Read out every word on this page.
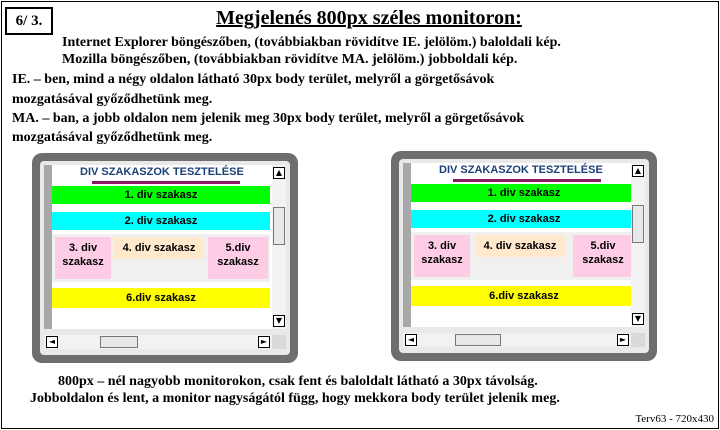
6/ 3.	Megjelenés 800px széles monitoron:
Internet Explorer böngészőben, (továbbiakban rövidítve IE. jelölöm.) baloldali kép.
Mozilla böngészőben, (továbbiakban rövidítve MA. jelölöm.) jobboldali kép.
IE. – ben, mind a négy oldalon látható 30px body terület, melyről a görgetősávok
mozgatásával győződhetünk meg.
MA. – ban, a jobb oldalon nem jelenik meg 30px body terület, melyről a görgetősávok
mozgatásával győződhetünk meg.
DIV SZAKASZOK TESZTELÉSE
1. div szakasz
2. div szakasz
3. div szakasz
4. div szakasz	5.div szakasz
6.div szakasz
▲
▼
◄	►
DIV SZAKASZOK TESZTELÉSE
1. div szakasz
2. div szakasz
3. div szakasz
4. div szakasz	5.div szakasz
6.div szakasz
▲
▼
◄	►
800px – nél nagyobb monitorokon, csak fent és baloldalt látható a 30px távolság.
Jobboldalon és lent, a monitor nagyságától függ, hogy mekkora body terület jelenik meg.
Terv63 - 720x430
